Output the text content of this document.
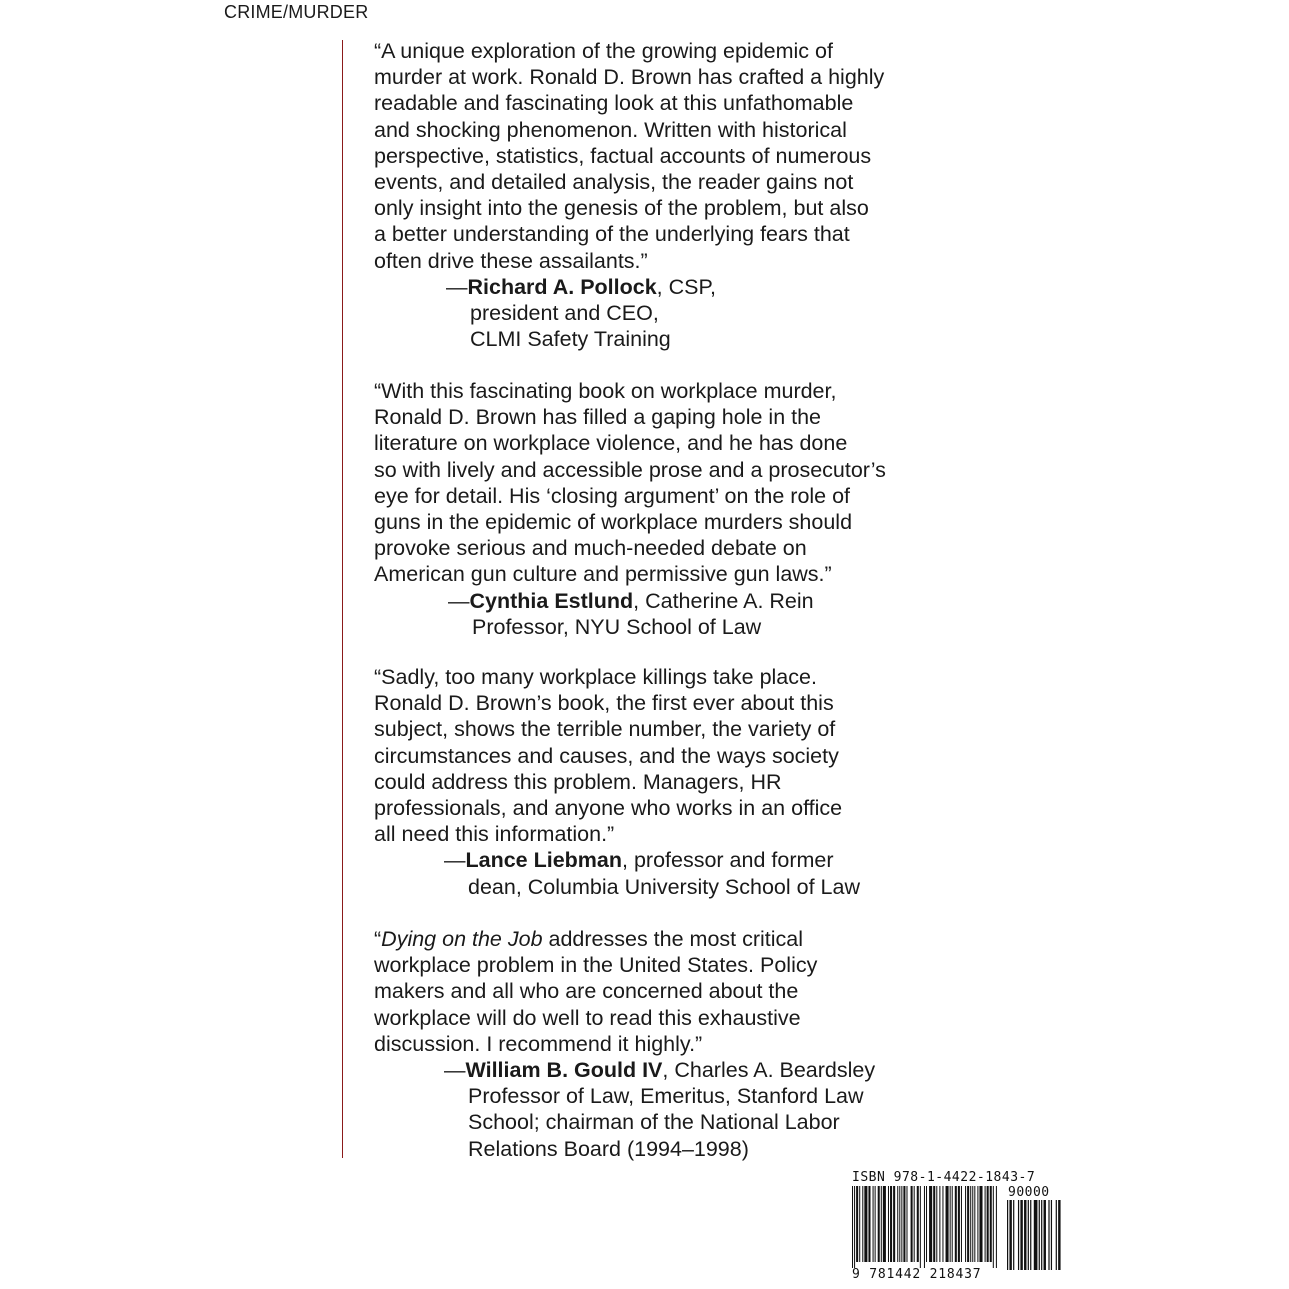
CRIME/MURDER

“A unique exploration of the growing epidemic of
murder at work. Ronald D. Brown has crafted a highly
readable and fascinating look at this unfathomable
and shocking phenomenon. Written with historical
perspective, statistics, factual accounts of numerous
events, and detailed analysis, the reader gains not
only insight into the genesis of the problem, but also
a better understanding of the underlying fears that
often drive these assailants.”

—Richard A. Pollock, CSP,
president and CEO,
CLMI Safety Training

“With this fascinating book on workplace murder,
Ronald D. Brown has filled a gaping hole in the
literature on workplace violence, and he has done
so with lively and accessible prose and a prosecutor’s
eye for detail. His ‘closing argument’ on the role of
guns in the epidemic of workplace murders should
provoke serious and much-needed debate on
American gun culture and permissive gun laws.”

—Cynthia Estlund, Catherine A. Rein
Professor, NYU School of Law

“Sadly, too many workplace killings take place.
Ronald D. Brown’s book, the first ever about this
subject, shows the terrible number, the variety of
circumstances and causes, and the ways society
could address this problem. Managers, HR
professionals, and anyone who works in an office
all need this information.”

—Lance Liebman, professor and former
dean, Columbia University School of Law

“Dying on the Job addresses the most critical
workplace problem in the United States. Policy
makers and all who are concerned about the
workplace will do well to read this exhaustive
discussion. I recommend it highly.”

—William B. Gould IV, Charles A. Beardsley
Professor of Law, Emeritus, Stanford Law
School; chairman of the National Labor
Relations Board (1994–1998)
ISBN 978-1-4422-1843-7
90000
9 781442 218437
